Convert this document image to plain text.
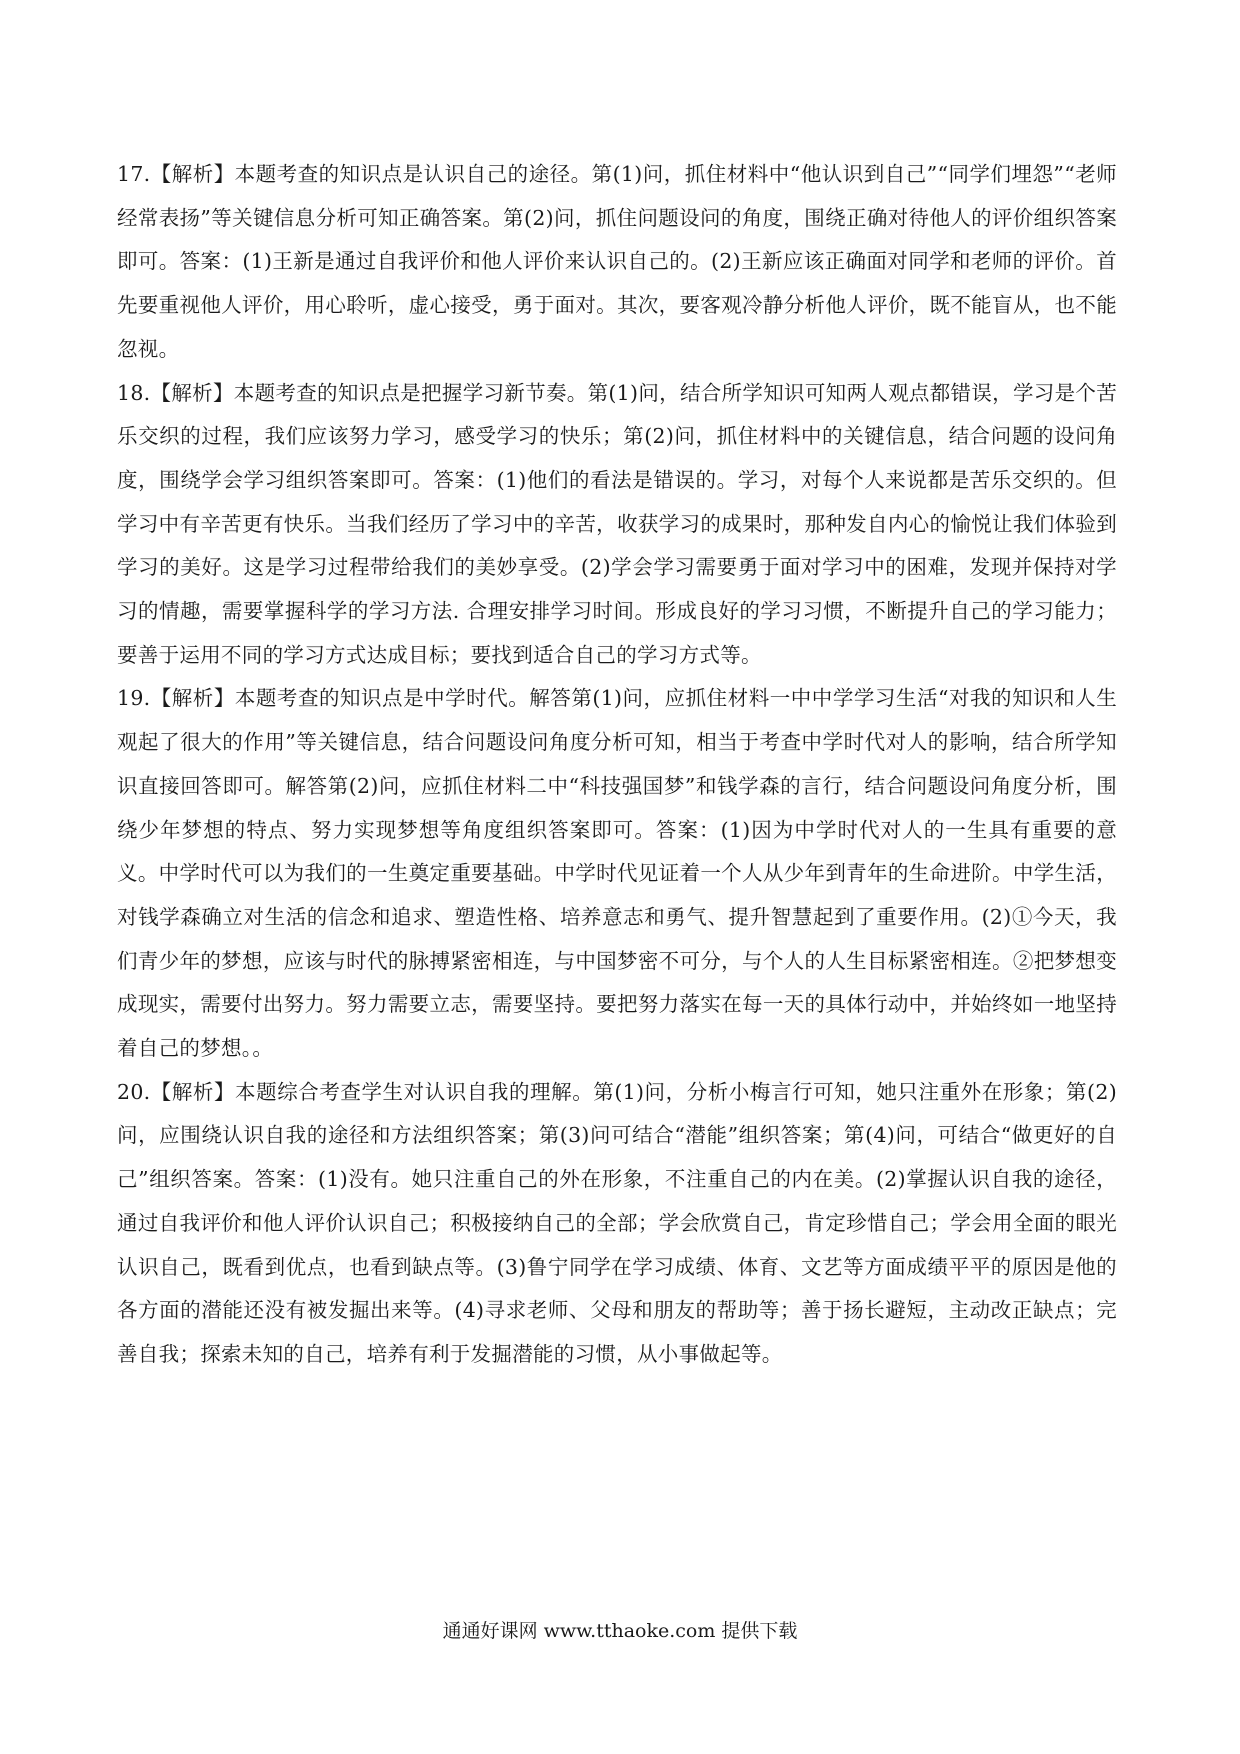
17.【解析】本题考查的知识点是认识自己的途径。第(1)问，抓住材料中“他认识到自己”“同学们埋怨”“老师经常表扬”等关键信息分析可知正确答案。第(2)问，抓住问题设问的角度，围绕正确对待他人的评价组织答案即可。答案：(1)王新是通过自我评价和他人评价来认识自己的。(2)王新应该正确面对同学和老师的评价。首先要重视他人评价，用心聆听，虚心接受，勇于面对。其次，要客观冷静分析他人评价，既不能盲从，也不能忽视。

18.【解析】本题考查的知识点是把握学习新节奏。第(1)问，结合所学知识可知两人观点都错误，学习是个苦乐交织的过程，我们应该努力学习，感受学习的快乐；第(2)问，抓住材料中的关键信息，结合问题的设问角度，围绕学会学习组织答案即可。答案：(1)他们的看法是错误的。学习，对每个人来说都是苦乐交织的。但学习中有辛苦更有快乐。当我们经历了学习中的辛苦，收获学习的成果时，那种发自内心的愉悦让我们体验到学习的美好。这是学习过程带给我们的美妙享受。(2)学会学习需要勇于面对学习中的困难，发现并保持对学习的情趣，需要掌握科学的学习方法. 合理安排学习时间。形成良好的学习习惯，不断提升自己的学习能力；要善于运用不同的学习方式达成目标；要找到适合自己的学习方式等。

19.【解析】本题考查的知识点是中学时代。解答第(1)问，应抓住材料一中中学学习生活“对我的知识和人生观起了很大的作用”等关键信息，结合问题设问角度分析可知，相当于考查中学时代对人的影响，结合所学知识直接回答即可。解答第(2)问，应抓住材料二中“科技强国梦”和钱学森的言行，结合问题设问角度分析，围绕少年梦想的特点、努力实现梦想等角度组织答案即可。答案：(1)因为中学时代对人的一生具有重要的意义。中学时代可以为我们的一生奠定重要基础。中学时代见证着一个人从少年到青年的生命进阶。中学生活，对钱学森确立对生活的信念和追求、塑造性格、培养意志和勇气、提升智慧起到了重要作用。(2)①今天，我们青少年的梦想，应该与时代的脉搏紧密相连，与中国梦密不可分，与个人的人生目标紧密相连。②把梦想变成现实，需要付出努力。努力需要立志，需要坚持。要把努力落实在每一天的具体行动中，并始终如一地坚持着自己的梦想。。

20.【解析】本题综合考查学生对认识自我的理解。第(1)问，分析小梅言行可知，她只注重外在形象；第(2)问，应围绕认识自我的途径和方法组织答案；第(3)问可结合“潜能”组织答案；第(4)问，可结合“做更好的自己”组织答案。答案：(1)没有。她只注重自己的外在形象，不注重自己的内在美。(2)掌握认识自我的途径，通过自我评价和他人评价认识自己；积极接纳自己的全部；学会欣赏自己，肯定珍惜自己；学会用全面的眼光认识自己，既看到优点，也看到缺点等。(3)鲁宁同学在学习成绩、体育、文艺等方面成绩平平的原因是他的各方面的潜能还没有被发掘出来等。(4)寻求老师、父母和朋友的帮助等；善于扬长避短，主动改正缺点；完善自我；探索未知的自己，培养有利于发掘潜能的习惯，从小事做起等。

通通好课网 www.tthaoke.com 提供下载
